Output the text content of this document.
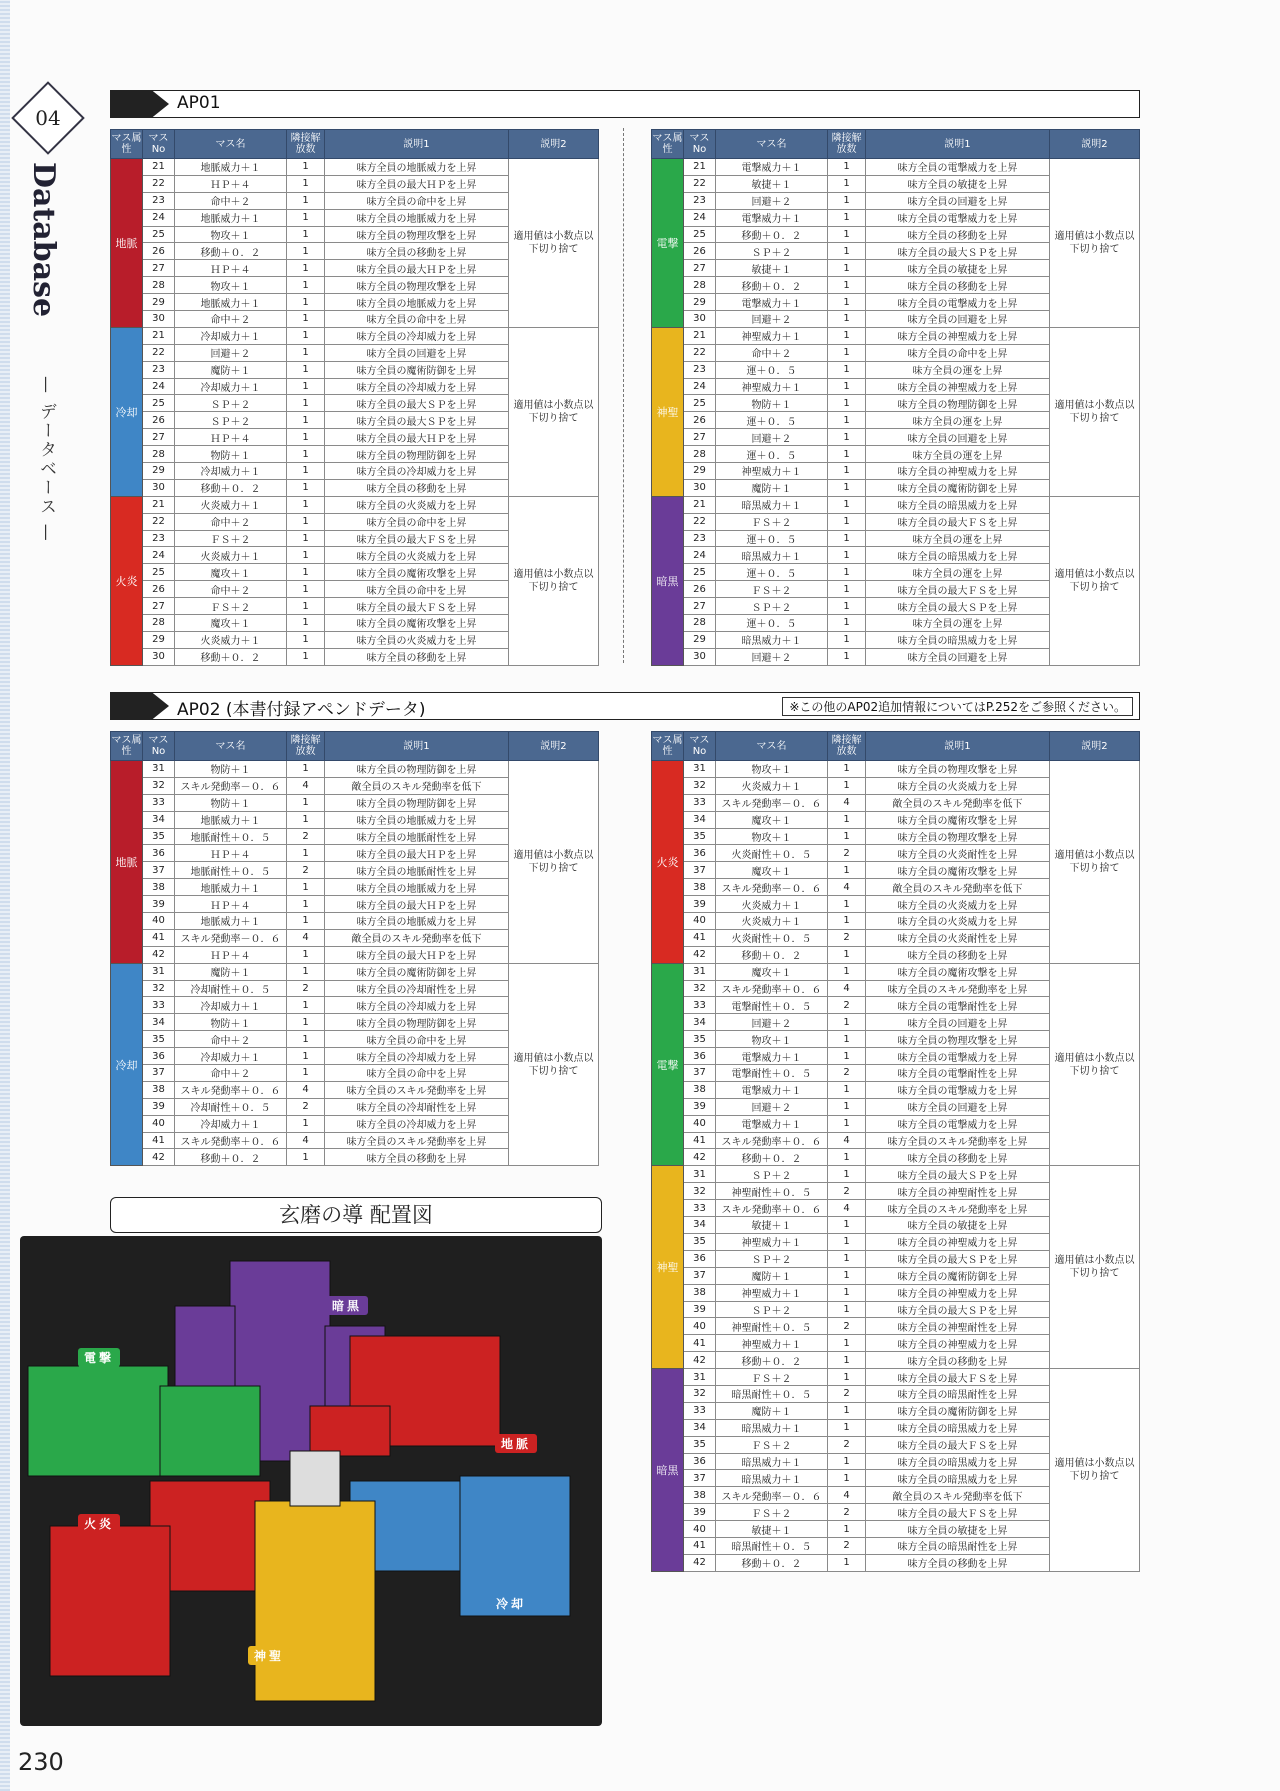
04
Database
— データベース —
230
AP01
マス属性	マスNo	マス名	隣接解放数	説明1	説明2
地脈	21	地脈威力＋１	1	味方全員の地脈威力を上昇	適用値は小数点以下切り捨て
	22	ＨＰ＋４	1	味方全員の最大ＨＰを上昇	
	23	命中＋２	1	味方全員の命中を上昇	
	24	地脈威力＋１	1	味方全員の地脈威力を上昇	
	25	物攻＋１	1	味方全員の物理攻撃を上昇	
	26	移動＋０．２	1	味方全員の移動を上昇	
	27	ＨＰ＋４	1	味方全員の最大ＨＰを上昇	
	28	物攻＋１	1	味方全員の物理攻撃を上昇	
	29	地脈威力＋１	1	味方全員の地脈威力を上昇	
	30	命中＋２	1	味方全員の命中を上昇	
冷却	21	冷却威力＋１	1	味方全員の冷却威力を上昇	適用値は小数点以下切り捨て
	22	回避＋２	1	味方全員の回避を上昇	
	23	魔防＋１	1	味方全員の魔術防御を上昇	
	24	冷却威力＋１	1	味方全員の冷却威力を上昇	
	25	ＳＰ＋２	1	味方全員の最大ＳＰを上昇	
	26	ＳＰ＋２	1	味方全員の最大ＳＰを上昇	
	27	ＨＰ＋４	1	味方全員の最大ＨＰを上昇	
	28	物防＋１	1	味方全員の物理防御を上昇	
	29	冷却威力＋１	1	味方全員の冷却威力を上昇	
	30	移動＋０．２	1	味方全員の移動を上昇	
火炎	21	火炎威力＋１	1	味方全員の火炎威力を上昇	適用値は小数点以下切り捨て
	22	命中＋２	1	味方全員の命中を上昇	
	23	ＦＳ＋２	1	味方全員の最大ＦＳを上昇	
	24	火炎威力＋１	1	味方全員の火炎威力を上昇	
	25	魔攻＋１	1	味方全員の魔術攻撃を上昇	
	26	命中＋２	1	味方全員の命中を上昇	
	27	ＦＳ＋２	1	味方全員の最大ＦＳを上昇	
	28	魔攻＋１	1	味方全員の魔術攻撃を上昇	
	29	火炎威力＋１	1	味方全員の火炎威力を上昇	
	30	移動＋０．２	1	味方全員の移動を上昇	
マス属性	マスNo	マス名	隣接解放数	説明1	説明2
電撃	21	電撃威力＋１	1	味方全員の電撃威力を上昇	適用値は小数点以下切り捨て
	22	敏捷＋１	1	味方全員の敏捷を上昇	
	23	回避＋２	1	味方全員の回避を上昇	
	24	電撃威力＋１	1	味方全員の電撃威力を上昇	
	25	移動＋０．２	1	味方全員の移動を上昇	
	26	ＳＰ＋２	1	味方全員の最大ＳＰを上昇	
	27	敏捷＋１	1	味方全員の敏捷を上昇	
	28	移動＋０．２	1	味方全員の移動を上昇	
	29	電撃威力＋１	1	味方全員の電撃威力を上昇	
	30	回避＋２	1	味方全員の回避を上昇	
神聖	21	神聖威力＋１	1	味方全員の神聖威力を上昇	適用値は小数点以下切り捨て
	22	命中＋２	1	味方全員の命中を上昇	
	23	運＋０．５	1	味方全員の運を上昇	
	24	神聖威力＋１	1	味方全員の神聖威力を上昇	
	25	物防＋１	1	味方全員の物理防御を上昇	
	26	運＋０．５	1	味方全員の運を上昇	
	27	回避＋２	1	味方全員の回避を上昇	
	28	運＋０．５	1	味方全員の運を上昇	
	29	神聖威力＋１	1	味方全員の神聖威力を上昇	
	30	魔防＋１	1	味方全員の魔術防御を上昇	
暗黒	21	暗黒威力＋１	1	味方全員の暗黒威力を上昇	適用値は小数点以下切り捨て
	22	ＦＳ＋２	1	味方全員の最大ＦＳを上昇	
	23	運＋０．５	1	味方全員の運を上昇	
	24	暗黒威力＋１	1	味方全員の暗黒威力を上昇	
	25	運＋０．５	1	味方全員の運を上昇	
	26	ＦＳ＋２	1	味方全員の最大ＦＳを上昇	
	27	ＳＰ＋２	1	味方全員の最大ＳＰを上昇	
	28	運＋０．５	1	味方全員の運を上昇	
	29	暗黒威力＋１	1	味方全員の暗黒威力を上昇	
	30	回避＋２	1	味方全員の回避を上昇	
AP02 (本書付録アペンドデータ)	※この他のAP02追加情報についてはP.252をご参照ください。
マス属性	マスNo	マス名	隣接解放数	説明1	説明2
地脈	31	物防＋１	1	味方全員の物理防御を上昇	適用値は小数点以下切り捨て
	32	スキル発動率－０．６	4	敵全員のスキル発動率を低下	
	33	物防＋１	1	味方全員の物理防御を上昇	
	34	地脈威力＋１	1	味方全員の地脈威力を上昇	
	35	地脈耐性＋０．５	2	味方全員の地脈耐性を上昇	
	36	ＨＰ＋４	1	味方全員の最大ＨＰを上昇	
	37	地脈耐性＋０．５	2	味方全員の地脈耐性を上昇	
	38	地脈威力＋１	1	味方全員の地脈威力を上昇	
	39	ＨＰ＋４	1	味方全員の最大ＨＰを上昇	
	40	地脈威力＋１	1	味方全員の地脈威力を上昇	
	41	スキル発動率－０．６	4	敵全員のスキル発動率を低下	
	42	ＨＰ＋４	1	味方全員の最大ＨＰを上昇	
冷却	31	魔防＋１	1	味方全員の魔術防御を上昇	適用値は小数点以下切り捨て
	32	冷却耐性＋０．５	2	味方全員の冷却耐性を上昇	
	33	冷却威力＋１	1	味方全員の冷却威力を上昇	
	34	物防＋１	1	味方全員の物理防御を上昇	
	35	命中＋２	1	味方全員の命中を上昇	
	36	冷却威力＋１	1	味方全員の冷却威力を上昇	
	37	命中＋２	1	味方全員の命中を上昇	
	38	スキル発動率＋０．６	4	味方全員のスキル発動率を上昇	
	39	冷却耐性＋０．５	2	味方全員の冷却耐性を上昇	
	40	冷却威力＋１	1	味方全員の冷却威力を上昇	
	41	スキル発動率＋０．６	4	味方全員のスキル発動率を上昇	
	42	移動＋０．２	1	味方全員の移動を上昇	
マス属性	マスNo	マス名	隣接解放数	説明1	説明2
火炎	31	物攻＋１	1	味方全員の物理攻撃を上昇	適用値は小数点以下切り捨て
	32	火炎威力＋１	1	味方全員の火炎威力を上昇	
	33	スキル発動率－０．６	4	敵全員のスキル発動率を低下	
	34	魔攻＋１	1	味方全員の魔術攻撃を上昇	
	35	物攻＋１	1	味方全員の物理攻撃を上昇	
	36	火炎耐性＋０．５	2	味方全員の火炎耐性を上昇	
	37	魔攻＋１	1	味方全員の魔術攻撃を上昇	
	38	スキル発動率－０．６	4	敵全員のスキル発動率を低下	
	39	火炎威力＋１	1	味方全員の火炎威力を上昇	
	40	火炎威力＋１	1	味方全員の火炎威力を上昇	
	41	火炎耐性＋０．５	2	味方全員の火炎耐性を上昇	
	42	移動＋０．２	1	味方全員の移動を上昇	
電撃	31	魔攻＋１	1	味方全員の魔術攻撃を上昇	適用値は小数点以下切り捨て
	32	スキル発動率＋０．６	4	味方全員のスキル発動率を上昇	
	33	電撃耐性＋０．５	2	味方全員の電撃耐性を上昇	
	34	回避＋２	1	味方全員の回避を上昇	
	35	物攻＋１	1	味方全員の物理攻撃を上昇	
	36	電撃威力＋１	1	味方全員の電撃威力を上昇	
	37	電撃耐性＋０．５	2	味方全員の電撃耐性を上昇	
	38	電撃威力＋１	1	味方全員の電撃威力を上昇	
	39	回避＋２	1	味方全員の回避を上昇	
	40	電撃威力＋１	1	味方全員の電撃威力を上昇	
	41	スキル発動率＋０．６	4	味方全員のスキル発動率を上昇	
	42	移動＋０．２	1	味方全員の移動を上昇	
神聖	31	ＳＰ＋２	1	味方全員の最大ＳＰを上昇	適用値は小数点以下切り捨て
	32	神聖耐性＋０．５	2	味方全員の神聖耐性を上昇	
	33	スキル発動率＋０．６	4	味方全員のスキル発動率を上昇	
	34	敏捷＋１	1	味方全員の敏捷を上昇	
	35	神聖威力＋１	1	味方全員の神聖威力を上昇	
	36	ＳＰ＋２	1	味方全員の最大ＳＰを上昇	
	37	魔防＋１	1	味方全員の魔術防御を上昇	
	38	神聖威力＋１	1	味方全員の神聖威力を上昇	
	39	ＳＰ＋２	1	味方全員の最大ＳＰを上昇	
	40	神聖耐性＋０．５	2	味方全員の神聖耐性を上昇	
	41	神聖威力＋１	1	味方全員の神聖威力を上昇	
	42	移動＋０．２	1	味方全員の移動を上昇	
暗黒	31	ＦＳ＋２	1	味方全員の最大ＦＳを上昇	適用値は小数点以下切り捨て
	32	暗黒耐性＋０．５	2	味方全員の暗黒耐性を上昇	
	33	魔防＋１	1	味方全員の魔術防御を上昇	
	34	暗黒威力＋１	1	味方全員の暗黒威力を上昇	
	35	ＦＳ＋２	2	味方全員の最大ＦＳを上昇	
	36	暗黒威力＋１	1	味方全員の暗黒威力を上昇	
	37	暗黒威力＋１	1	味方全員の暗黒威力を上昇	
	38	スキル発動率－０．６	4	敵全員のスキル発動率を低下	
	39	ＦＳ＋２	2	味方全員の最大ＦＳを上昇	
	40	敏捷＋１	1	味方全員の敏捷を上昇	
	41	暗黒耐性＋０．５	2	味方全員の暗黒耐性を上昇	
	42	移動＋０．２	1	味方全員の移動を上昇	
玄磨の導 配置図
暗黒
電撃
地脈
火炎
冷却
神聖
